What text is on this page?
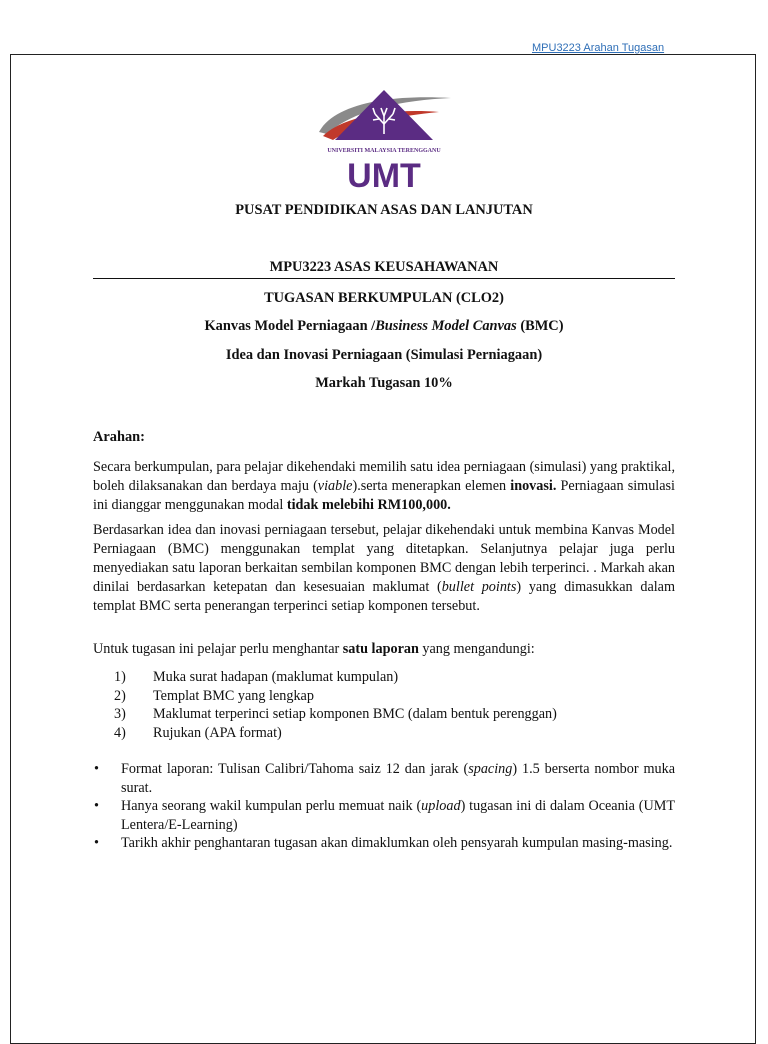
MPU3223 Arahan Tugasan
UNIVERSITI MALAYSIA TERENGGANU
UMT
PUSAT PENDIDIKAN ASAS DAN LANJUTAN
MPU3223 ASAS KEUSAHAWANAN
TUGASAN BERKUMPULAN (CLO2)
Kanvas Model Perniagaan /Business Model Canvas (BMC)
Idea dan Inovasi Perniagaan (Simulasi Perniagaan)
Markah Tugasan 10%
Arahan:
Secara berkumpulan, para pelajar dikehendaki memilih satu idea perniagaan (simulasi) yang praktikal, boleh dilaksanakan dan berdaya maju (viable).serta menerapkan elemen inovasi. Perniagaan simulasi ini dianggar menggunakan modal tidak melebihi RM100,000.
Berdasarkan idea dan inovasi perniagaan tersebut, pelajar dikehendaki untuk membina Kanvas Model Perniagaan (BMC) menggunakan templat yang ditetapkan. Selanjutnya pelajar juga perlu menyediakan satu laporan berkaitan sembilan komponen BMC dengan lebih terperinci. . Markah akan dinilai berdasarkan ketepatan dan kesesuaian maklumat (bullet points) yang dimasukkan dalam templat BMC serta penerangan terperinci setiap komponen tersebut.
Untuk tugasan ini pelajar perlu menghantar satu laporan yang mengandungi:
1) Muka surat hadapan (maklumat kumpulan)
2) Templat BMC yang lengkap
3) Maklumat terperinci setiap komponen BMC (dalam bentuk perenggan)
4) Rujukan (APA format)
• Format laporan: Tulisan Calibri/Tahoma saiz 12 dan jarak (spacing) 1.5 berserta nombor muka surat.
• Hanya seorang wakil kumpulan perlu memuat naik (upload) tugasan ini di dalam Oceania (UMT Lentera/E-Learning)
• Tarikh akhir penghantaran tugasan akan dimaklumkan oleh pensyarah kumpulan masing-masing.
